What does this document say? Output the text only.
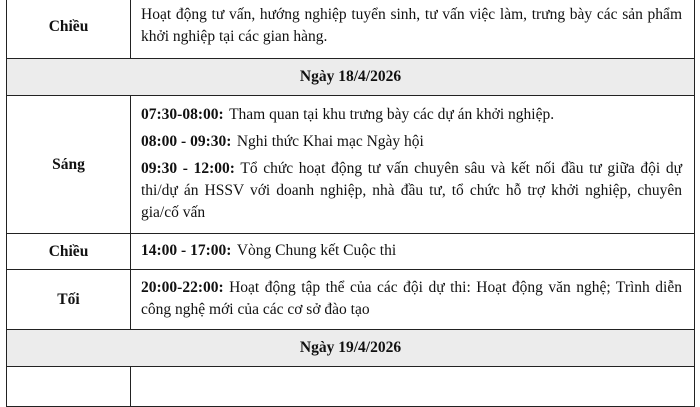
Chiều	Hoạt động tư vấn, hướng nghiệp tuyển sinh, tư vấn việc làm, trưng bày các sản phẩm khởi nghiệp tại các gian hàng.

Ngày 18/4/2026	
Sáng	07:30-08:00: Tham quan tại khu trưng bày các dự án khởi nghiệp.

08:00 - 09:30: Nghi thức Khai mạc Ngày hội

09:30 - 12:00: Tổ chức hoạt động tư vấn chuyên sâu và kết nối đầu tư giữa đội dự thi/dự án HSSV với doanh nghiệp, nhà đầu tư, tổ chức hỗ trợ khởi nghiệp, chuyên gia/cố vấn

Chiều	14:00 - 17:00: Vòng Chung kết Cuộc thi

Tối	20:00-22:00: Hoạt động tập thể của các đội dự thi: Hoạt động văn nghệ; Trình diễn công nghệ mới của các cơ sở đào tạo

Ngày 19/4/2026	
